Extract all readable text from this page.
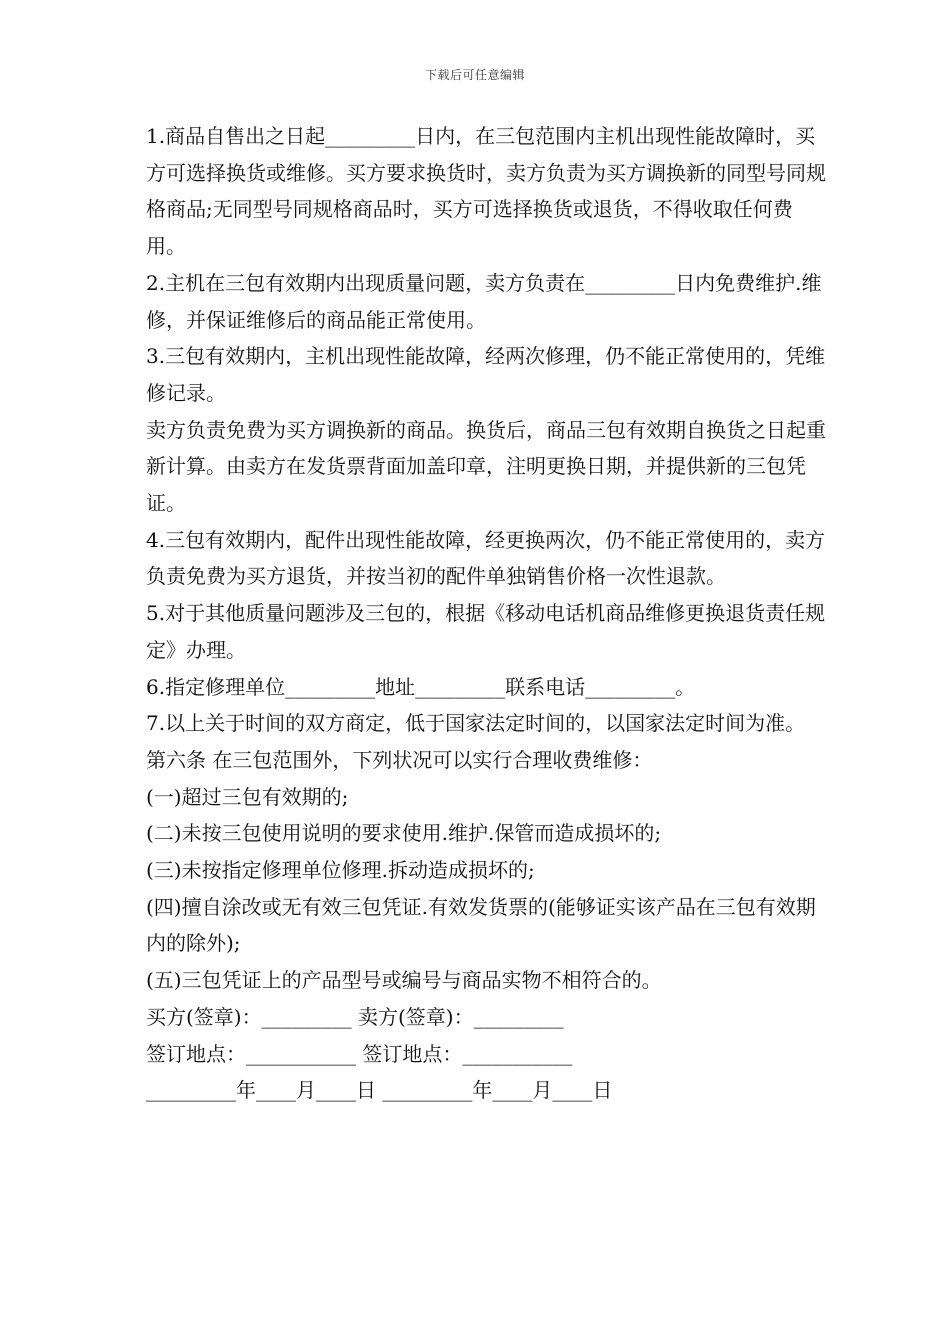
下载后可任意编辑

1.商品自售出之日起_________日内，在三包范围内主机出现性能故障时，买方可选择换货或维修。买方要求换货时，卖方负责为买方调换新的同型号同规格商品;无同型号同规格商品时，买方可选择换货或退货，不得收取任何费用。

2.主机在三包有效期内出现质量问题，卖方负责在_________日内免费维护.维修，并保证维修后的商品能正常使用。

3.三包有效期内，主机出现性能故障，经两次修理，仍不能正常使用的，凭维修记录。

卖方负责免费为买方调换新的商品。换货后，商品三包有效期自换货之日起重新计算。由卖方在发货票背面加盖印章，注明更换日期，并提供新的三包凭证。

4.三包有效期内，配件出现性能故障，经更换两次，仍不能正常使用的，卖方负责免费为买方退货，并按当初的配件单独销售价格一次性退款。

5.对于其他质量问题涉及三包的，根据《移动电话机商品维修更换退货责任规定》办理。

6.指定修理单位_________地址_________联系电话_________。

7.以上关于时间的双方商定，低于国家法定时间的，以国家法定时间为准。

第六条 在三包范围外，下列状况可以实行合理收费维修：

(一)超过三包有效期的;

(二)未按三包使用说明的要求使用.维护.保管而造成损坏的;

(三)未按指定修理单位修理.拆动造成损坏的;

(四)擅自涂改或无有效三包凭证.有效发货票的(能够证实该产品在三包有效期内的除外);

(五)三包凭证上的产品型号或编号与商品实物不相符合的。

买方(签章)：_________ 卖方(签章)：_________

签订地点：___________ 签订地点：___________

_________年____月____日 _________年____月____日
